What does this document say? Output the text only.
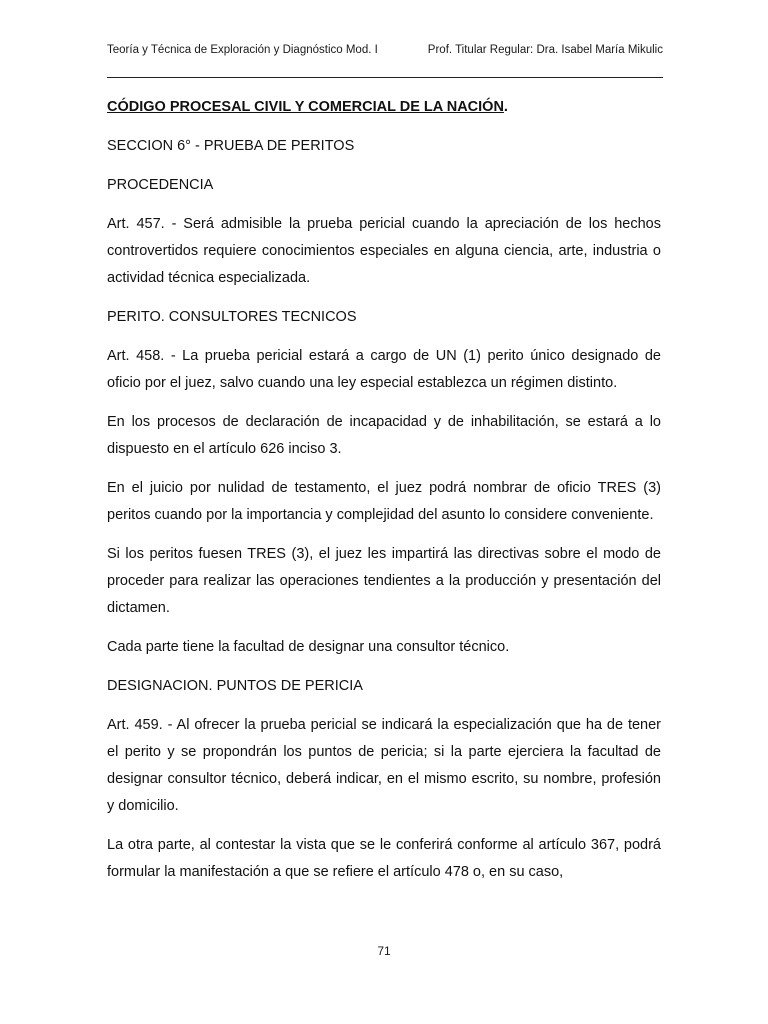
Teoría y Técnica de Exploración y Diagnóstico Mod. I	Prof. Titular Regular: Dra. Isabel María Mikulic
CÓDIGO PROCESAL CIVIL Y COMERCIAL DE LA NACIÓN.

SECCION 6° - PRUEBA DE PERITOS

PROCEDENCIA

Art. 457. - Será admisible la prueba pericial cuando la apreciación de los hechos controvertidos requiere conocimientos especiales en alguna ciencia, arte, industria o actividad técnica especializada.

PERITO. CONSULTORES TECNICOS

Art. 458. - La prueba pericial estará a cargo de UN (1) perito único designado de oficio por el juez, salvo cuando una ley especial establezca un régimen distinto.

En los procesos de declaración de incapacidad y de inhabilitación, se estará a lo dispuesto en el artículo 626 inciso 3.

En el juicio por nulidad de testamento, el juez podrá nombrar de oficio TRES (3) peritos cuando por la importancia y complejidad del asunto lo considere conveniente.

Si los peritos fuesen TRES (3), el juez les impartirá las directivas sobre el modo de proceder para realizar las operaciones tendientes a la producción y presentación del dictamen.

Cada parte tiene la facultad de designar una consultor técnico.

DESIGNACION. PUNTOS DE PERICIA

Art. 459. - Al ofrecer la prueba pericial se indicará la especialización que ha de tener el perito y se propondrán los puntos de pericia; si la parte ejerciera la facultad de designar consultor técnico, deberá indicar, en el mismo escrito, su nombre, profesión y domicilio.

La otra parte, al contestar la vista que se le conferirá conforme al artículo 367, podrá formular la manifestación a que se refiere el artículo 478 o, en su caso,

71
